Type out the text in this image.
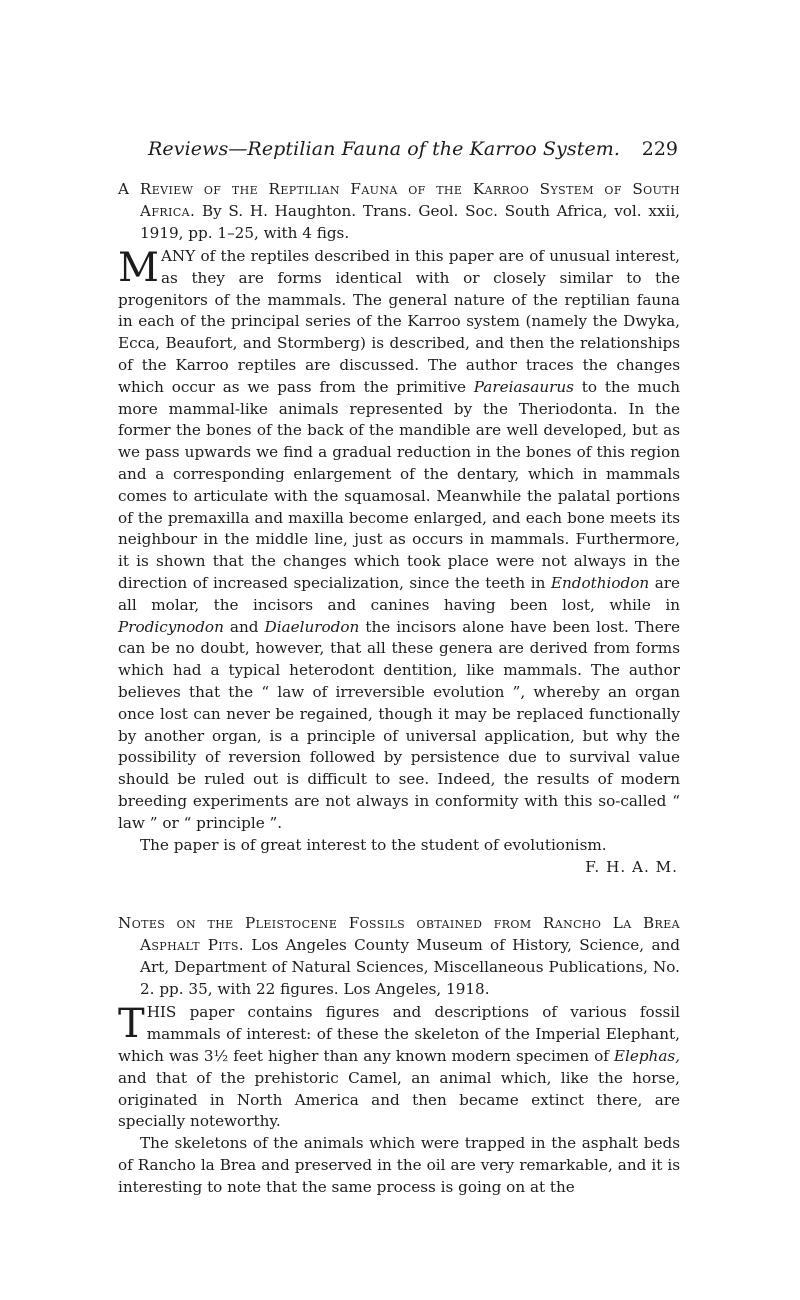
Reviews—Reptilian Fauna of the Karroo System. 229

A Review of the Reptilian Fauna of the Karroo System of South Africa. By S. H. Haughton. Trans. Geol. Soc. South Africa, vol. xxii, 1919, pp. 1–25, with 4 figs.

MANY of the reptiles described in this paper are of unusual interest, as they are forms identical with or closely similar to the progenitors of the mammals. The general nature of the reptilian fauna in each of the principal series of the Karroo system (namely the Dwyka, Ecca, Beaufort, and Stormberg) is described, and then the relationships of the Karroo reptiles are discussed. The author traces the changes which occur as we pass from the primitive Pareiasaurus to the much more mammal-like animals represented by the Theriodonta. In the former the bones of the back of the mandible are well developed, but as we pass upwards we find a gradual reduction in the bones of this region and a corresponding enlargement of the dentary, which in mammals comes to articulate with the squamosal. Meanwhile the palatal portions of the premaxilla and maxilla become enlarged, and each bone meets its neighbour in the middle line, just as occurs in mammals. Furthermore, it is shown that the changes which took place were not always in the direction of increased specialization, since the teeth in Endothiodon are all molar, the incisors and canines having been lost, while in Prodicynodon and Diaelurodon the incisors alone have been lost. There can be no doubt, however, that all these genera are derived from forms which had a typical heterodont dentition, like mammals. The author believes that the “ law of irreversible evolution ”, whereby an organ once lost can never be regained, though it may be replaced functionally by another organ, is a principle of universal application, but why the possibility of reversion followed by persistence due to survival value should be ruled out is difficult to see. Indeed, the results of modern breeding experiments are not always in conformity with this so-called “ law ” or “ principle ”.

The paper is of great interest to the student of evolutionism.

F. H. A. M.

Notes on the Pleistocene Fossils obtained from Rancho La Brea Asphalt Pits. Los Angeles County Museum of History, Science, and Art, Department of Natural Sciences, Miscellaneous Publications, No. 2. pp. 35, with 22 figures. Los Angeles, 1918.

THIS paper contains figures and descriptions of various fossil mammals of interest: of these the skeleton of the Imperial Elephant, which was 3½ feet higher than any known modern specimen of Elephas, and that of the prehistoric Camel, an animal which, like the horse, originated in North America and then became extinct there, are specially noteworthy.

The skeletons of the animals which were trapped in the asphalt beds of Rancho la Brea and preserved in the oil are very remarkable, and it is interesting to note that the same process is going on at the
